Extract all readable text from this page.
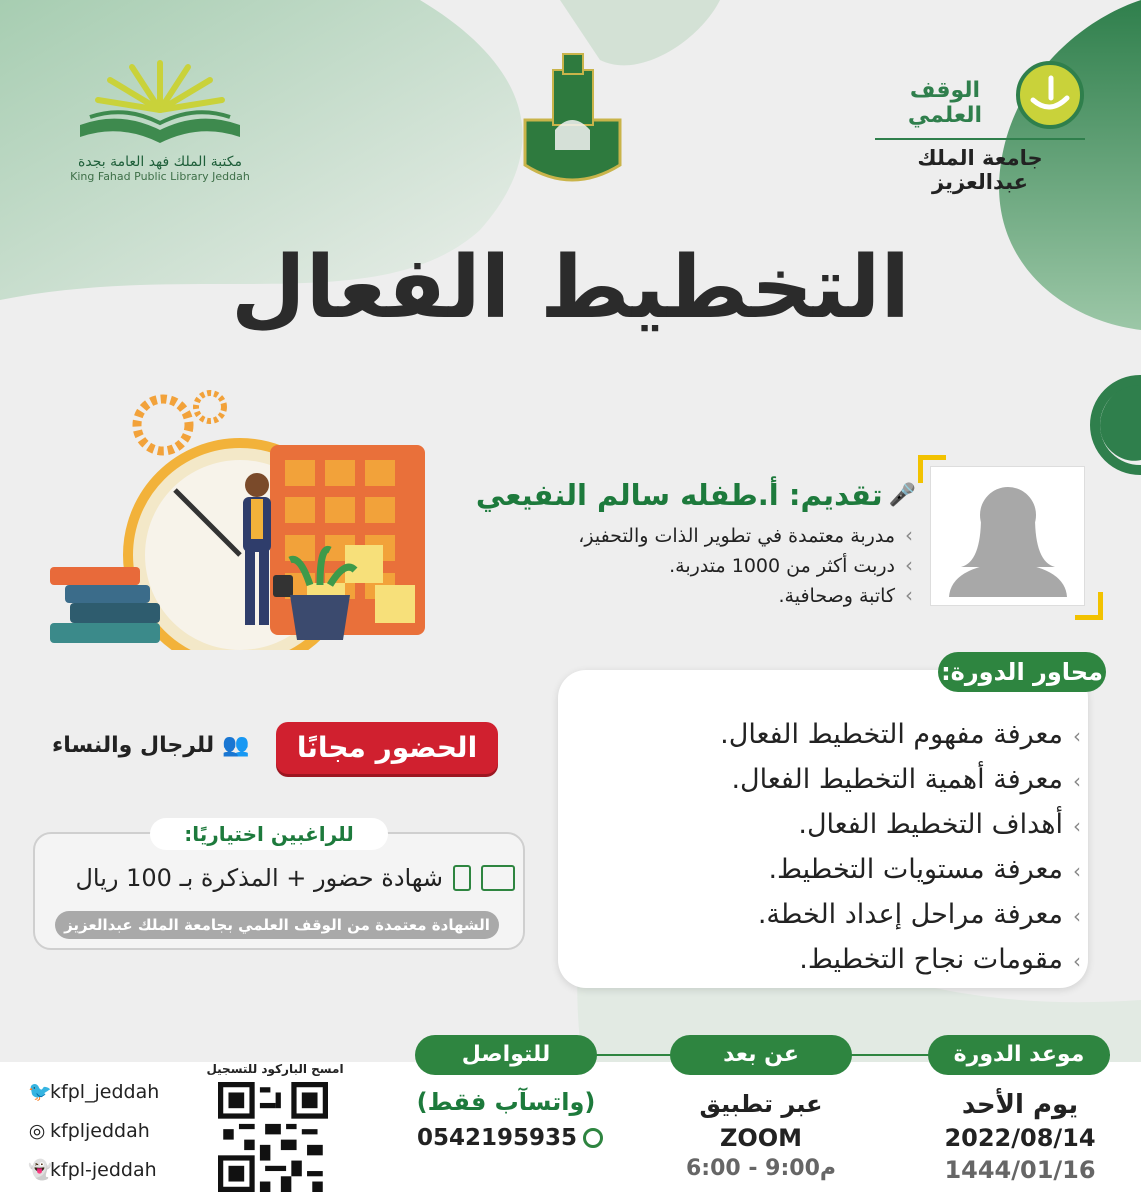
مكتبة الملك فهد العامة بجدة
King Fahad Public Library Jeddah
الوقف العلمي
جامعة الملك عبدالعزيز
التخطيط الفعال
🎤
تقديم: أ.طفله سالم النفيعي
› مدربة معتمدة في تطوير الذات والتحفيز،
› دربت أكثر من 1000 متدربة.
› كاتبة وصحافية.
محاور الدورة:
› معرفة مفهوم التخطيط الفعال.
› معرفة أهمية التخطيط الفعال.
› أهداف التخطيط الفعال.
› معرفة مستويات التخطيط.
› معرفة مراحل إعداد الخطة.
› مقومات نجاح التخطيط.
الحضور مجانًا
👥
للرجال والنساء
للراغبين اختياريًا:
شهادة حضور + المذكرة بـ 100 ريال
الشهادة معتمدة من الوقف العلمي بجامعة الملك عبدالعزيز
موعد الدورة
عن بعد
للتواصل
يوم الأحد
2022/08/14
1444/01/16
عبر تطبيق
ZOOM
6:00 - 9:00م
(واتسآب فقط)
0542195935
امسح الباركود للتسجيل
🐦kfpl_jeddah
◎ kfpljeddah
👻kfpl-jeddah
